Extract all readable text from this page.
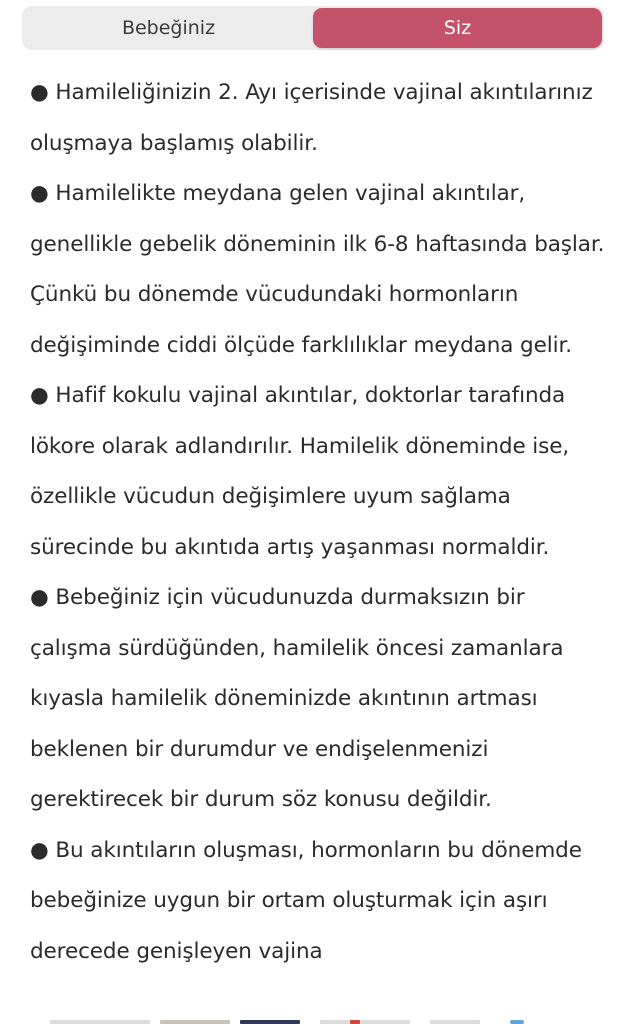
Bebeğiniz	Siz

● Hamileliğinizin 2. Ayı içerisinde vajinal akıntılarınız oluşmaya başlamış olabilir.

● Hamilelikte meydana gelen vajinal akıntılar, genellikle gebelik döneminin ilk 6-8 haftasında başlar. Çünkü bu dönemde vücudundaki hormonların değişiminde ciddi ölçüde farklılıklar meydana gelir.

● Hafif kokulu vajinal akıntılar, doktorlar tarafında lökore olarak adlandırılır. Hamilelik döneminde ise, özellikle vücudun değişimlere uyum sağlama sürecinde bu akıntıda artış yaşanması normaldir.

● Bebeğiniz için vücudunuzda durmaksızın bir çalışma sürdüğünden, hamilelik öncesi zamanlara kıyasla hamilelik döneminizde akıntının artması beklenen bir durumdur ve endişelenmenizi gerektirecek bir durum söz konusu değildir.

● Bu akıntıların oluşması, hormonların bu dönemde bebeğinize uygun bir ortam oluşturmak için aşırı derecede genişleyen vajina
